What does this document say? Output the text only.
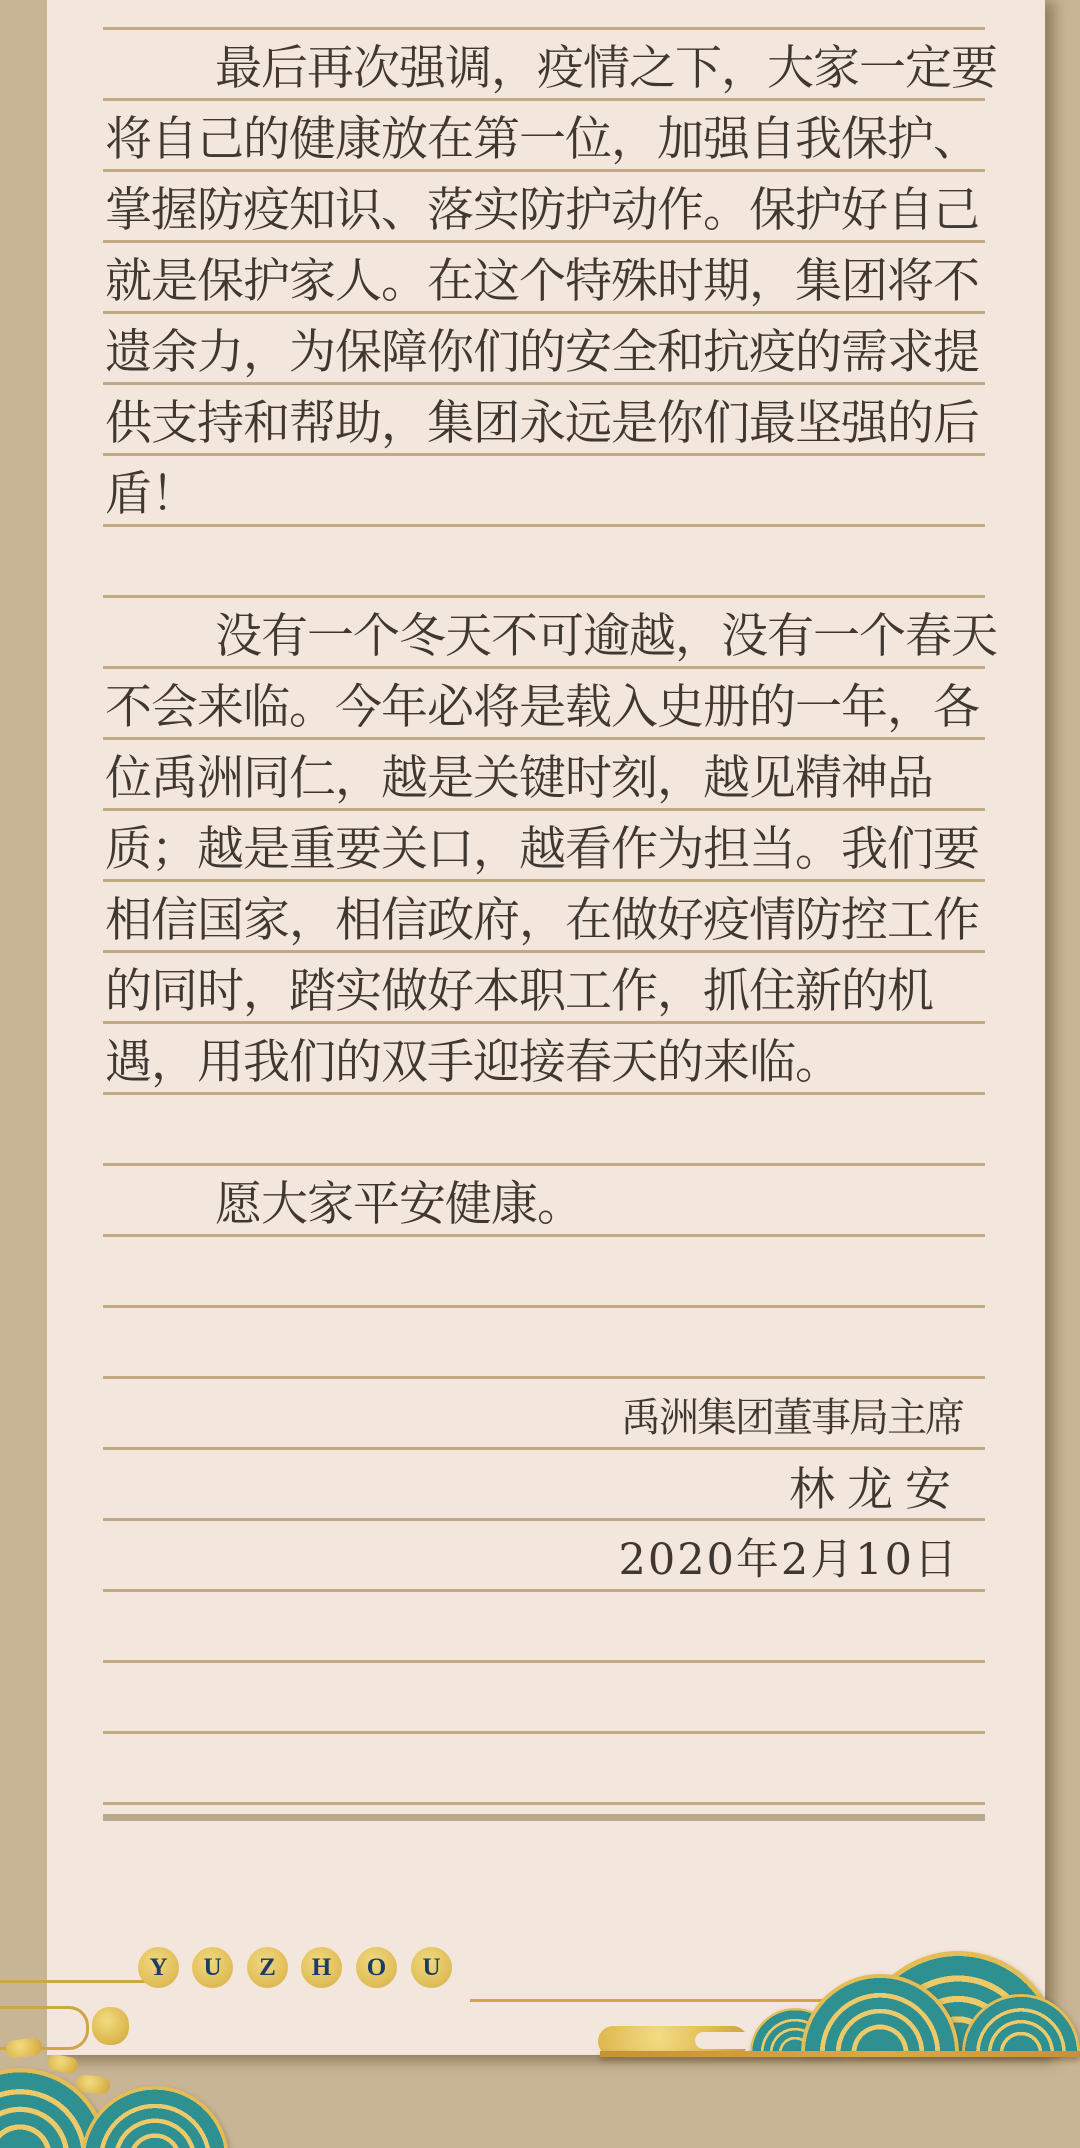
最后再次强调，疫情之下，大家一定要
将自己的健康放在第一位，加强自我保护、
掌握防疫知识、落实防护动作。保护好自己
就是保护家人。在这个特殊时期，集团将不
遗余力，为保障你们的安全和抗疫的需求提
供支持和帮助，集团永远是你们最坚强的后
盾！
没有一个冬天不可逾越，没有一个春天
不会来临。今年必将是载入史册的一年，各
位禹洲同仁，越是关键时刻，越见精神品
质；越是重要关口，越看作为担当。我们要
相信国家，相信政府，在做好疫情防控工作
的同时，踏实做好本职工作，抓住新的机
遇，用我们的双手迎接春天的来临。
愿大家平安健康。
禹洲集团董事局主席
林龙安
2020年2月10日
Y	U	Z	H	O	U
